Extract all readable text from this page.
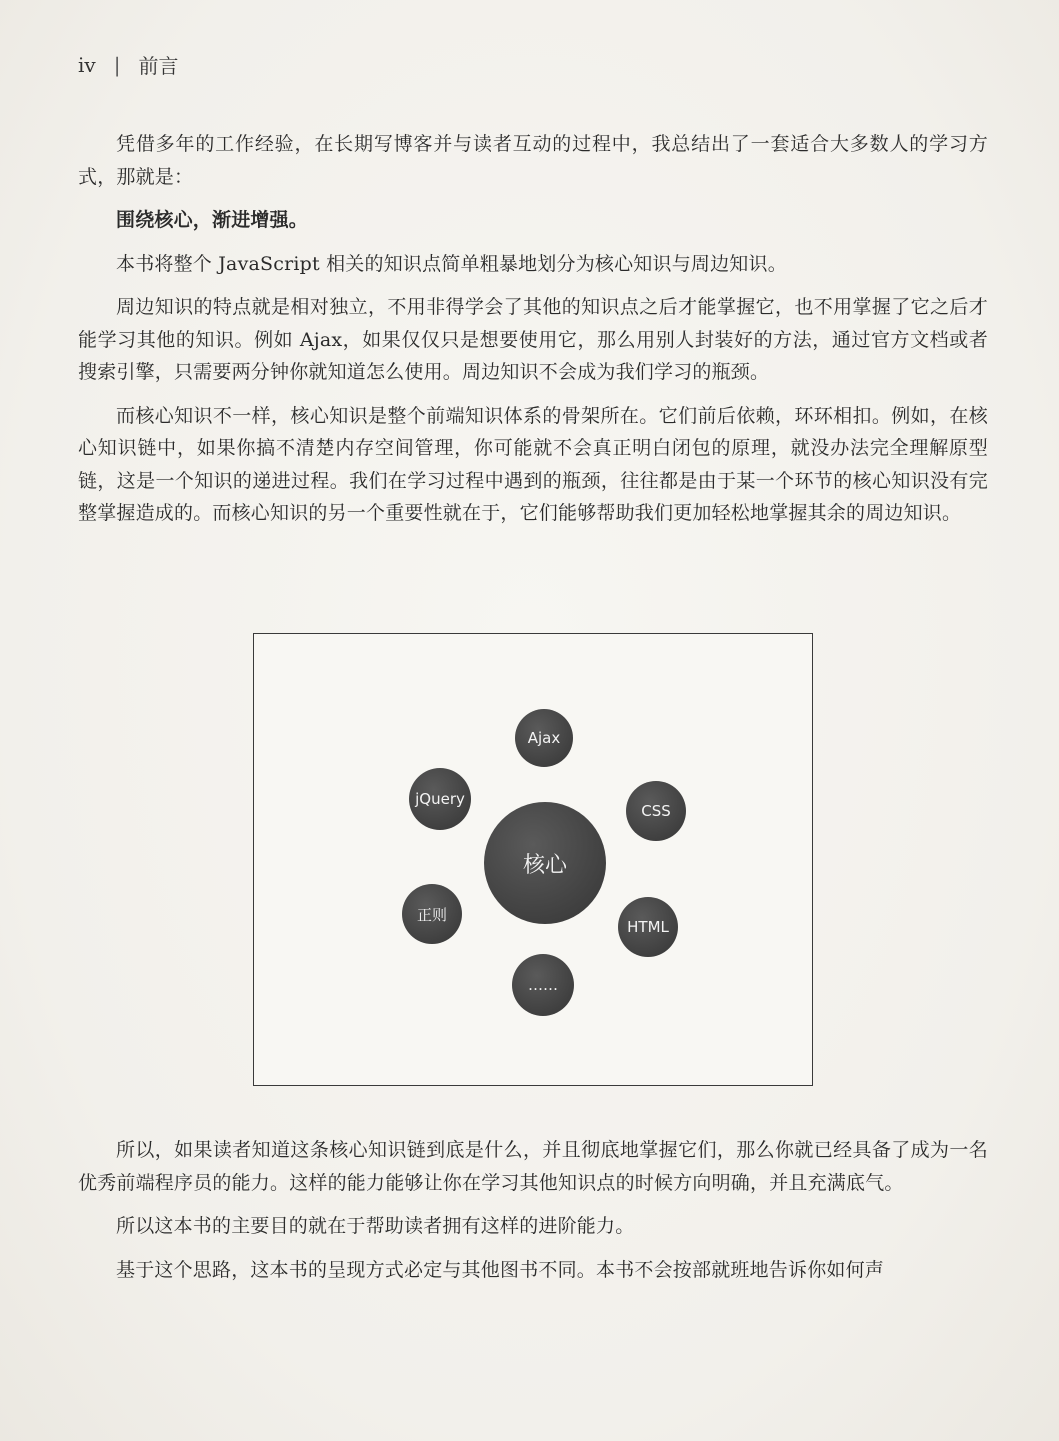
iv | 前言

凭借多年的工作经验，在长期写博客并与读者互动的过程中，我总结出了一套适合大多数人的学习方式，那就是：

围绕核心，渐进增强。

本书将整个 JavaScript 相关的知识点简单粗暴地划分为核心知识与周边知识。

周边知识的特点就是相对独立，不用非得学会了其他的知识点之后才能掌握它，也不用掌握了它之后才能学习其他的知识。例如 Ajax，如果仅仅只是想要使用它，那么用别人封装好的方法，通过官方文档或者搜索引擎，只需要两分钟你就知道怎么使用。周边知识不会成为我们学习的瓶颈。

而核心知识不一样，核心知识是整个前端知识体系的骨架所在。它们前后依赖，环环相扣。例如，在核心知识链中，如果你搞不清楚内存空间管理，你可能就不会真正明白闭包的原理，就没办法完全理解原型链，这是一个知识的递进过程。我们在学习过程中遇到的瓶颈，往往都是由于某一个环节的核心知识没有完整掌握造成的。而核心知识的另一个重要性就在于，它们能够帮助我们更加轻松地掌握其余的周边知识。

核心
Ajax
jQuery
CSS
正则
HTML
……

所以，如果读者知道这条核心知识链到底是什么，并且彻底地掌握它们，那么你就已经具备了成为一名优秀前端程序员的能力。这样的能力能够让你在学习其他知识点的时候方向明确，并且充满底气。

所以这本书的主要目的就在于帮助读者拥有这样的进阶能力。

基于这个思路，这本书的呈现方式必定与其他图书不同。本书不会按部就班地告诉你如何声
